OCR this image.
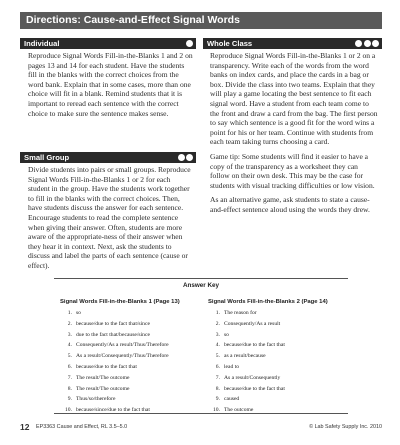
Directions: Cause-and-Effect Signal Words
Individual

Reproduce Signal Words Fill-in-the-Blanks 1 and 2 on pages 13 and 14 for each student. Have the students fill in the blanks with the correct choices from the word bank. Explain that in some cases, more than one choice will fit in a blank. Remind students that it is important to reread each sentence with the correct choice to make sure the sentence makes sense.

Small Group

Divide students into pairs or small groups. Reproduce Signal Words Fill-in-the-Blanks 1 or 2 for each student in the group. Have the students work together to fill in the blanks with the correct choices. Then, have students discuss the answer for each sentence. Encourage students to read the complete sentence when giving their answer. Often, students are more aware of the appropriate-ness of their answer when they hear it in context. Next, ask the students to discuss and label the parts of each sentence (cause or effect).

Whole Class

Reproduce Signal Words Fill-in-the-Blanks 1 or 2 on a transparency. Write each of the words from the word banks on index cards, and place the cards in a bag or box. Divide the class into two teams. Explain that they will play a game locating the best sentence to fit each signal word. Have a student from each team come to the front and draw a card from the bag. The first person to say which sentence is a good fit for the word wins a point for his or her team. Continue with students from each team taking turns choosing a card.

Game tip: Some students will find it easier to have a copy of the transparency as a worksheet they can follow on their own desk. This may be the case for students with visual tracking difficulties or low vision.

As an alternative game, ask students to state a cause-and-effect sentence aloud using the words they drew.

Answer Key
Signal Words Fill-in-the-Blanks 1 (Page 13)
1. so
2. because/due to the fact that/since
3. due to the fact that/because/since
4. Consequently/As a result/Thus/Therefore
5. As a result/Consequently/Thus/Therefore
6. because/due to the fact that
7. The result/The outcome
8. The result/The outcome
9. Thus/so/therefore
10. because/since/due to the fact that
Signal Words Fill-in-the-Blanks 2 (Page 14)
1. The reason for
2. Consequently/As a result
3. so
4. because/due to the fact that
5. as a result/because
6. lead to
7. As a result/Consequently
8. because/due to the fact that
9. caused
10. The outcome
12 EP3363 Cause and Effect, RL 3.5–5.0	© Lab Safety Supply Inc. 2010
